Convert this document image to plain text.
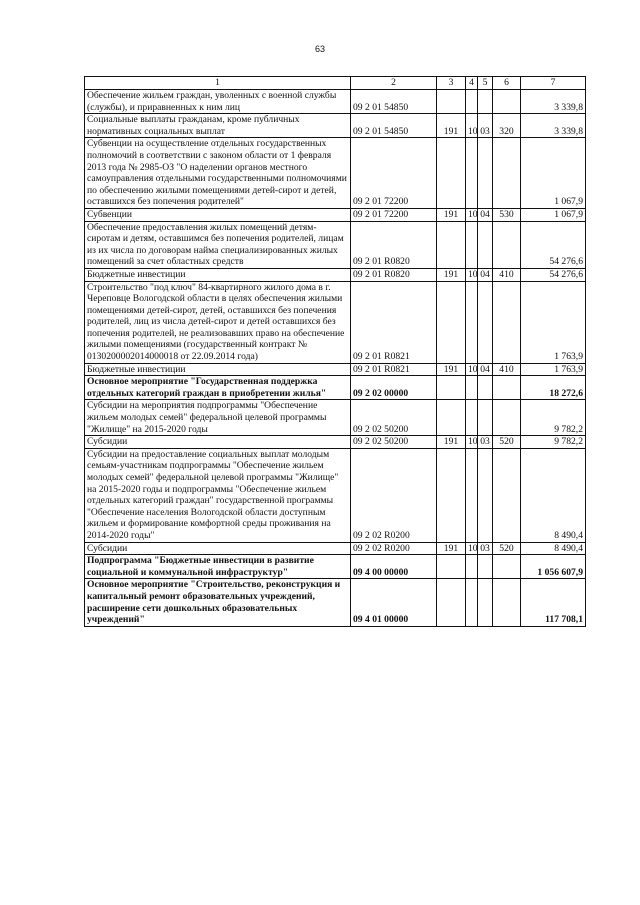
63
1	2	3	4	5	6	7
Обеспечение жильем граждан, уволенных с военной службы (службы), и приравненных к ним лиц	09 2 01 54850					3 339,8
Социальные выплаты гражданам, кроме публичных нормативных социальных выплат	09 2 01 54850	191	10	03	320	3 339,8
Субвенции на осуществление отдельных государственных полномочий в соответствии с законом области от 1 февраля 2013 года № 2985-ОЗ "О наделении органов местного самоуправления отдельными государственными полномочиями по обеспечению жилыми помещениями детей-сирот и детей, оставшихся без попечения родителей"	09 2 01 72200					1 067,9
Субвенции	09 2 01 72200	191	10	04	530	1 067,9
Обеспечение предоставления жилых помещений детям-сиротам и детям, оставшимся без попечения родителей, лицам из их числа по договорам найма специализированных жилых помещений за счет областных средств	09 2 01 R0820					54 276,6
Бюджетные инвестиции	09 2 01 R0820	191	10	04	410	54 276,6
Строительство "под ключ" 84-квартирного жилого дома в г. Череповце Вологодской области в целях обеспечения жилыми помещениями детей-сирот, детей, оставшихся без попечения родителей, лиц из числа детей-сирот и детей оставшихся без попечения родителей, не реализовавших право на обеспечение жилыми помещениями (государственный контракт № 0130200002014000018 от 22.09.2014 года)	09 2 01 R0821					1 763,9
Бюджетные инвестиции	09 2 01 R0821	191	10	04	410	1 763,9
Основное мероприятие "Государственная поддержка отдельных категорий граждан в приобретении жилья"	09 2 02 00000					18 272,6
Субсидии на мероприятия подпрограммы "Обеспечение жильем молодых семей" федеральной целевой программы "Жилище" на 2015-2020 годы	09 2 02 50200					9 782,2
Субсидии	09 2 02 50200	191	10	03	520	9 782,2
Субсидии на предоставление социальных выплат молодым семьям-участникам подпрограммы "Обеспечение жильем молодых семей" федеральной целевой программы "Жилище" на 2015-2020 годы и подпрограммы "Обеспечение жильем отдельных категорий граждан" государственной программы "Обеспечение населения Вологодской области доступным жильем и формирование комфортной среды проживания на 2014-2020 годы"	09 2 02 R0200					8 490,4
Субсидии	09 2 02 R0200	191	10	03	520	8 490,4
Подпрограмма "Бюджетные инвестиции в развитие социальной и коммунальной инфраструктур"	09 4 00 00000					1 056 607,9
Основное мероприятие "Строительство, реконструкция и капитальный ремонт образовательных учреждений, расширение сети дошкольных образовательных учреждений"	09 4 01 00000					117 708,1
